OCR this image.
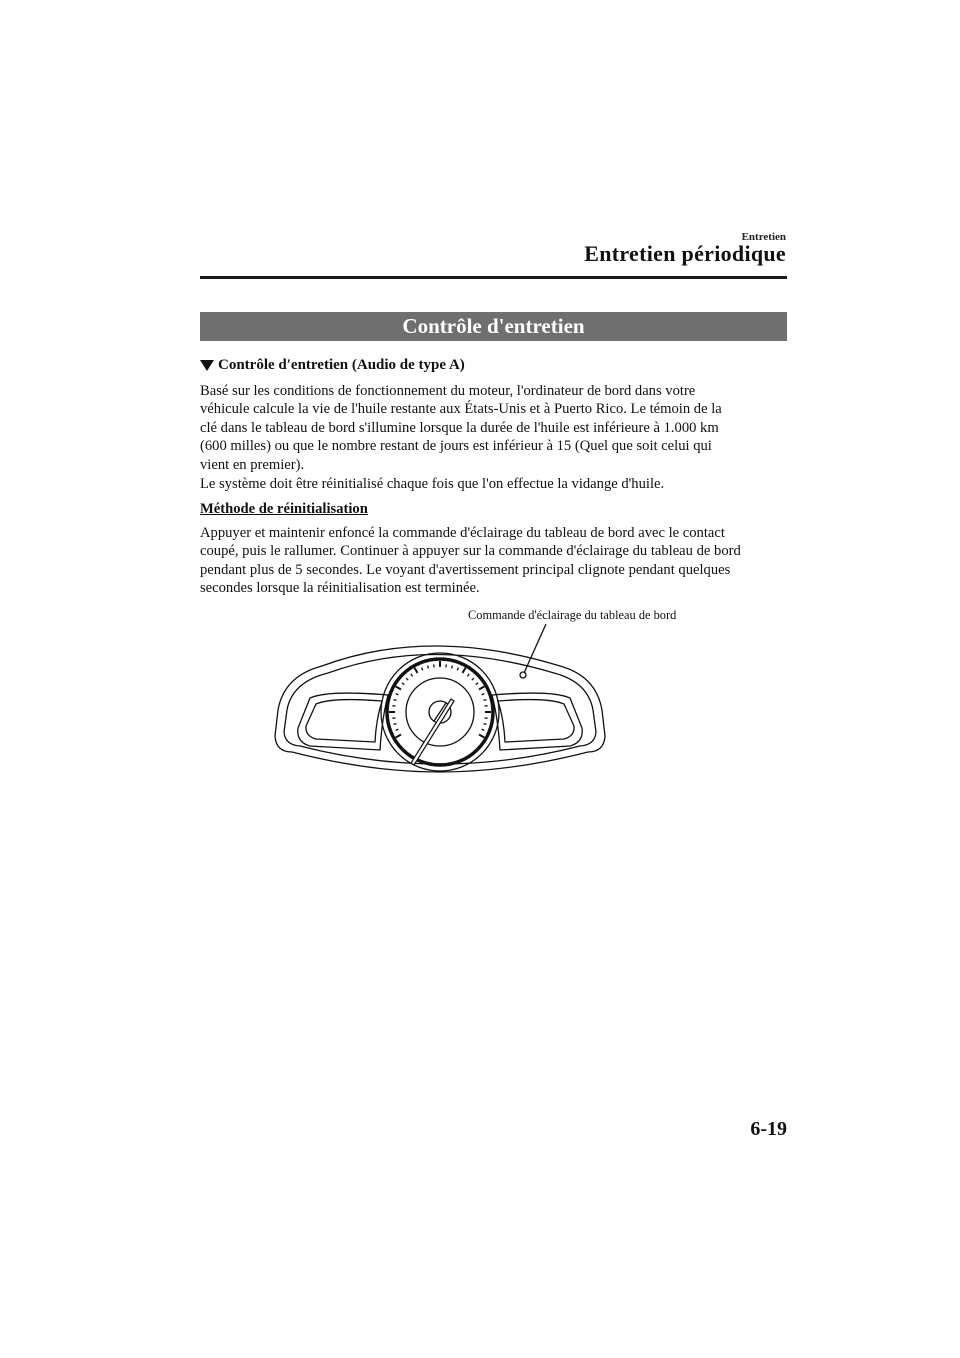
Entretien
Entretien périodique
Contrôle d'entretien
Contrôle d'entretien (Audio de type A)
Basé sur les conditions de fonctionnement du moteur, l'ordinateur de bord dans votre
véhicule calcule la vie de l'huile restante aux États-Unis et à Puerto Rico. Le témoin de la
clé dans le tableau de bord s'illumine lorsque la durée de l'huile est inférieure à 1.000 km
(600 milles) ou que le nombre restant de jours est inférieur à 15 (Quel que soit celui qui
vient en premier).
Le système doit être réinitialisé chaque fois que l'on effectue la vidange d'huile.
Méthode de réinitialisation
Appuyer et maintenir enfoncé la commande d'éclairage du tableau de bord avec le contact
coupé, puis le rallumer. Continuer à appuyer sur la commande d'éclairage du tableau de bord
pendant plus de 5 secondes. Le voyant d'avertissement principal clignote pendant quelques
secondes lorsque la réinitialisation est terminée.
Commande d'éclairage du tableau de bord
6-19
